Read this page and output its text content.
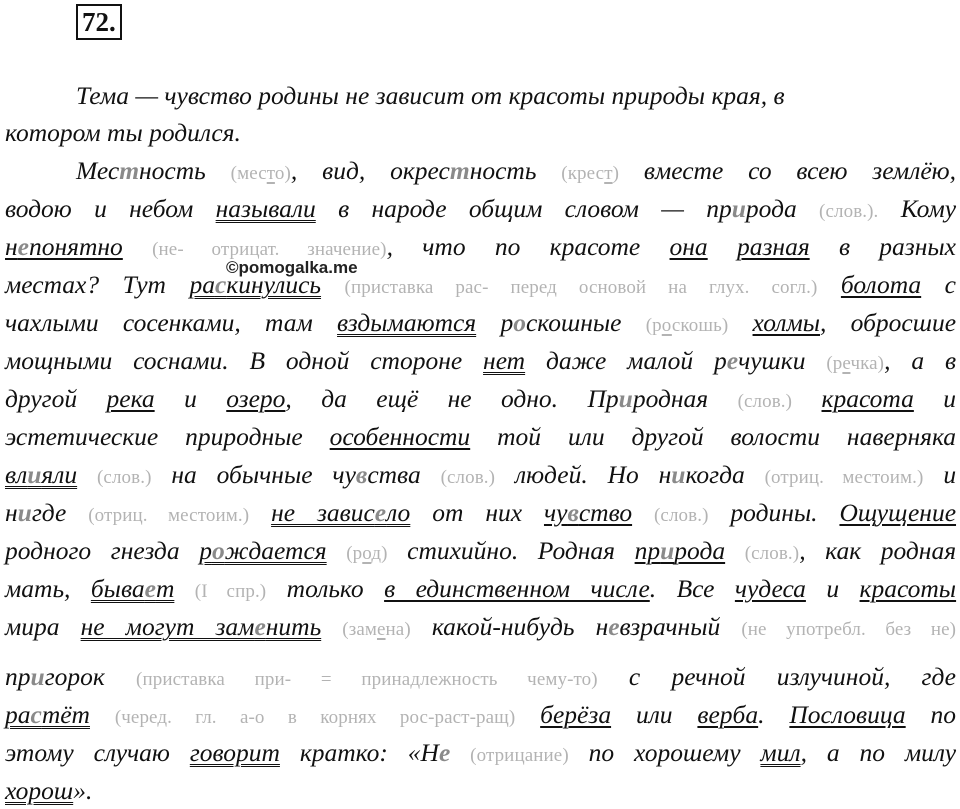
72.
Тема — чувство родины не зависит от красоты природы края, в
котором ты родился.
Местность (место), вид, окрестность (крест) вместе со всею землёю,
водою и небом называли в народе общим словом — природа (слов.). Кому
непонятно (не- отрицат. значение), что по красоте она разная в разных
©pomogalka.me
местах? Тут раскинулись (приставка рас- перед основой на глух. согл.) болота с
чахлыми сосенками, там вздымаются роскошные (роскошь) холмы, обросшие
мощными соснами. В одной стороне нет даже малой речушки (речка), а в
другой река и озеро, да ещё не одно. Природная (слов.) красота и
эстетические природные особенности той или другой волости наверняка
влияли (слов.) на обычные чувства (слов.) людей. Но никогда (отриц. местоим.) и
нигде (отриц. местоим.) не зависело от них чувство (слов.) родины. Ощущение
родного гнезда рождается (род) стихийно. Родная природа (слов.), как родная
мать, бывает (I спр.) только в единственном числе. Все чудеса и красоты
мира не могут заменить (замена) какой-нибудь невзрачный (не употребл. без не)
пригорок (приставка при- = принадлежность чему-то) с речной излучиной, где
растёт (черед. гл. а-о в корнях рос-раст-ращ) берёза или верба. Пословица по
этому случаю говорит кратко: «Не (отрицание) по хорошему мил, а по милу
хорош».
